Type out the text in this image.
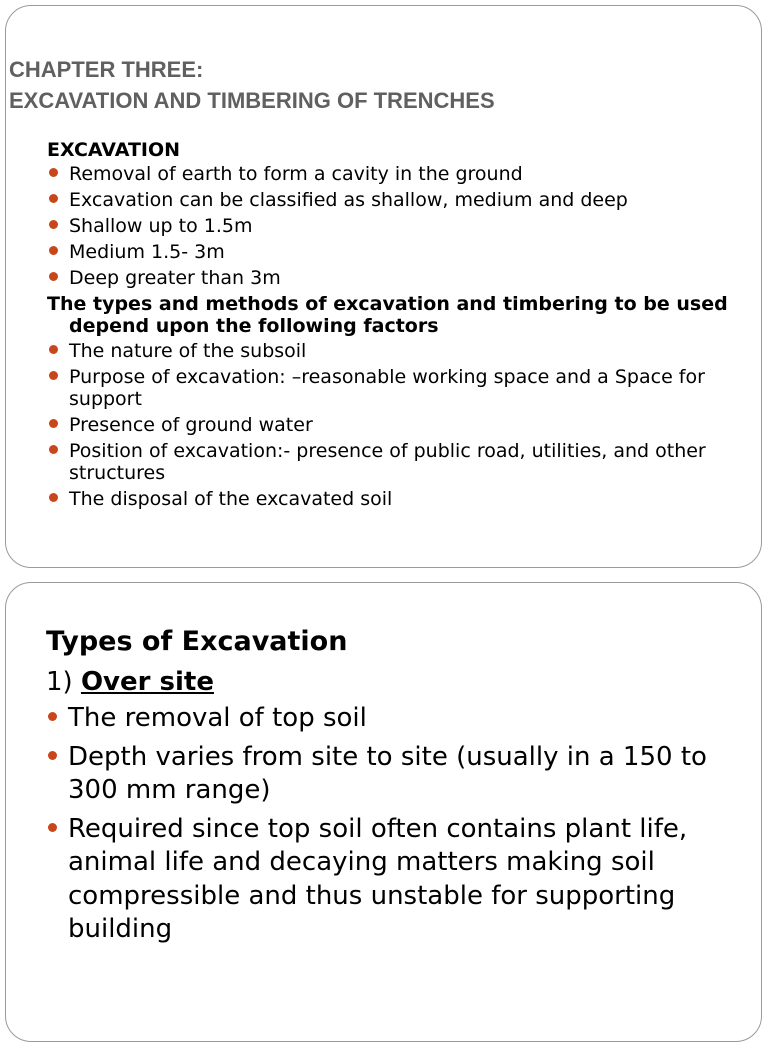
CHAPTER THREE:
EXCAVATION AND TIMBERING OF TRENCHES
EXCAVATION
Removal of earth to form a cavity in the ground
Excavation can be classified as shallow, medium and deep
Shallow up to 1.5m
Medium 1.5- 3m
Deep greater than 3m

The types and methods of excavation and timbering to be used depend upon the following factors

The nature of the subsoil
Purpose of excavation: –reasonable working space and a Space for support
Presence of ground water
Position of excavation:- presence of public road, utilities, and other structures
The disposal of the excavated soil
Types of Excavation
1) Over site
The removal of top soil
Depth varies from site to site (usually in a 150 to 300 mm range)
Required since top soil often contains plant life, animal life and decaying matters making soil compressible and thus unstable for supporting building
